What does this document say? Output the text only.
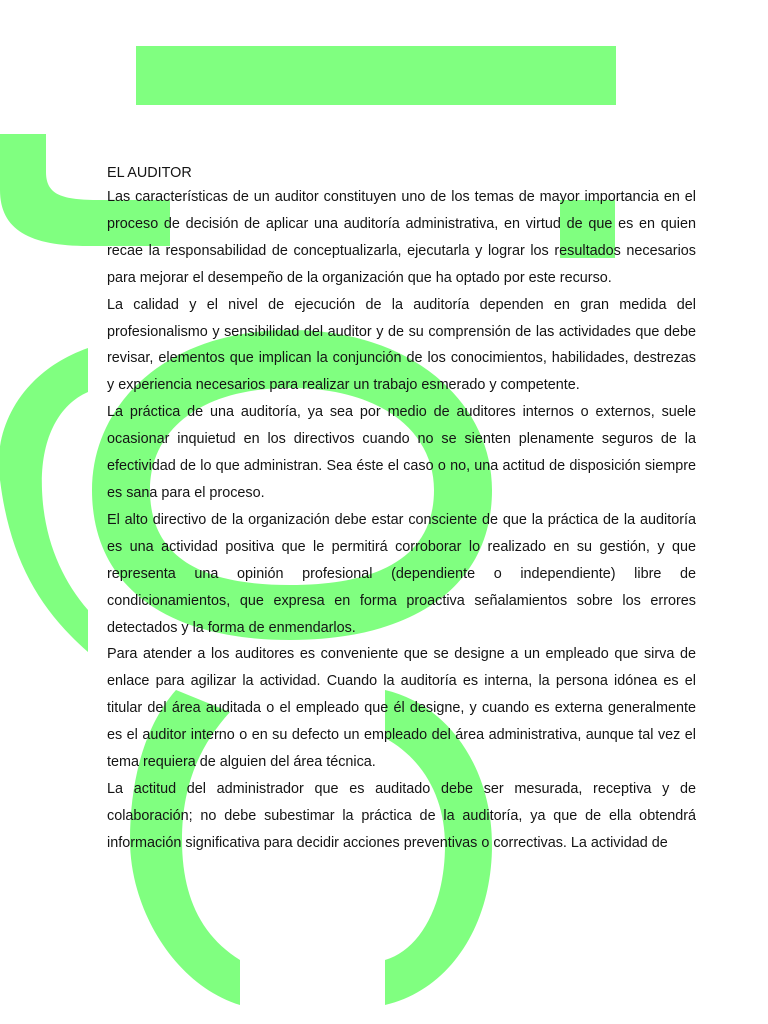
EL AUDITOR

Las características de un auditor constituyen uno de los temas de mayor importancia en el proceso de decisión de aplicar una auditoría administrativa, en virtud de que es en quien recae la responsabilidad de conceptualizarla, ejecutarla y lograr los resultados necesarios para mejorar el desempeño de la organización que ha optado por este recurso.

La calidad y el nivel de ejecución de la auditoría dependen en gran medida del profesionalismo y sensibilidad del auditor y de su comprensión de las actividades que debe revisar, elementos que implican la conjunción de los conocimientos, habilidades, destrezas y experiencia necesarios para realizar un trabajo esmerado y competente.

La práctica de una auditoría, ya sea por medio de auditores internos o externos, suele ocasionar inquietud en los directivos cuando no se sienten plenamente seguros de la efectividad de lo que administran. Sea éste el caso o no, una actitud de disposición siempre es sana para el proceso.

El alto directivo de la organización debe estar consciente de que la práctica de la auditoría es una actividad positiva que le permitirá corroborar lo realizado en su gestión, y que representa una opinión profesional (dependiente o independiente) libre de condicionamientos, que expresa en forma proactiva señalamientos sobre los errores detectados y la forma de enmendarlos.

Para atender a los auditores es conveniente que se designe a un empleado que sirva de enlace para agilizar la actividad. Cuando la auditoría es interna, la persona idónea es el titular del área auditada o el empleado que él designe, y cuando es externa generalmente es el auditor interno o en su defecto un empleado del área administrativa, aunque tal vez el tema requiera de alguien del área técnica.

La actitud del administrador que es auditado debe ser mesurada, receptiva y de colaboración; no debe subestimar la práctica de la auditoría, ya que de ella obtendrá información significativa para decidir acciones preventivas o correctivas. La actividad de
